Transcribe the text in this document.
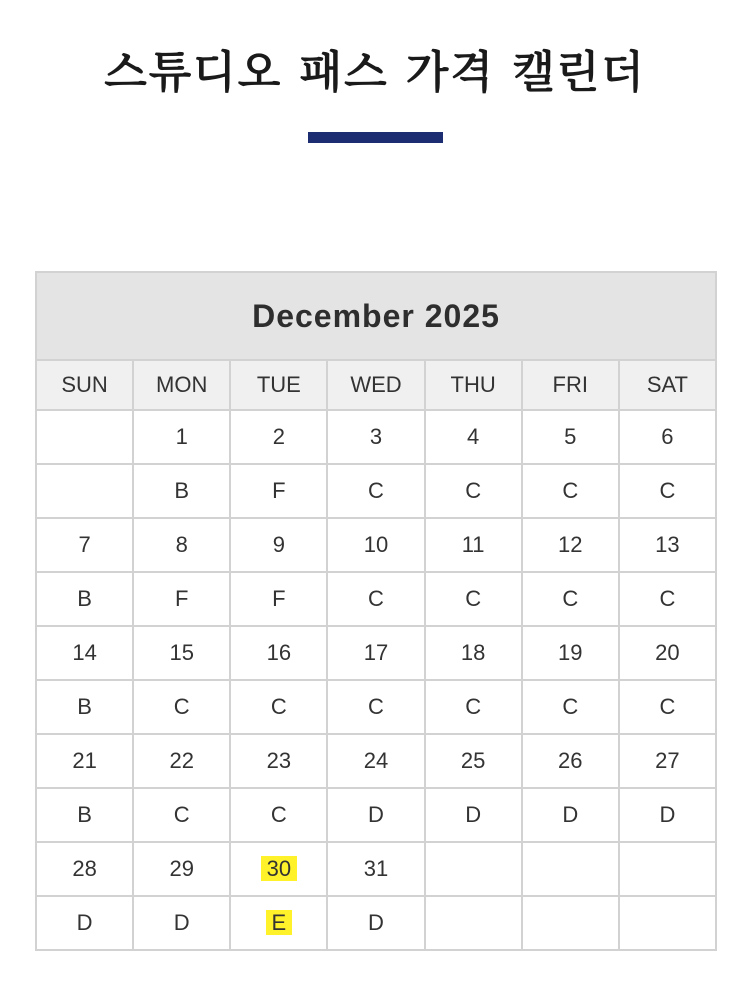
스튜디오 패스 가격 캘린더
December 2025						
SUN	MON	TUE	WED	THU	FRI	SAT
	1	2	3	4	5	6
	B	F	C	C	C	C
7	8	9	10	11	12	13
B	F	F	C	C	C	C
14	15	16	17	18	19	20
B	C	C	C	C	C	C
21	22	23	24	25	26	27
B	C	C	D	D	D	D
28	29	30	31			
D	D	E	D			
